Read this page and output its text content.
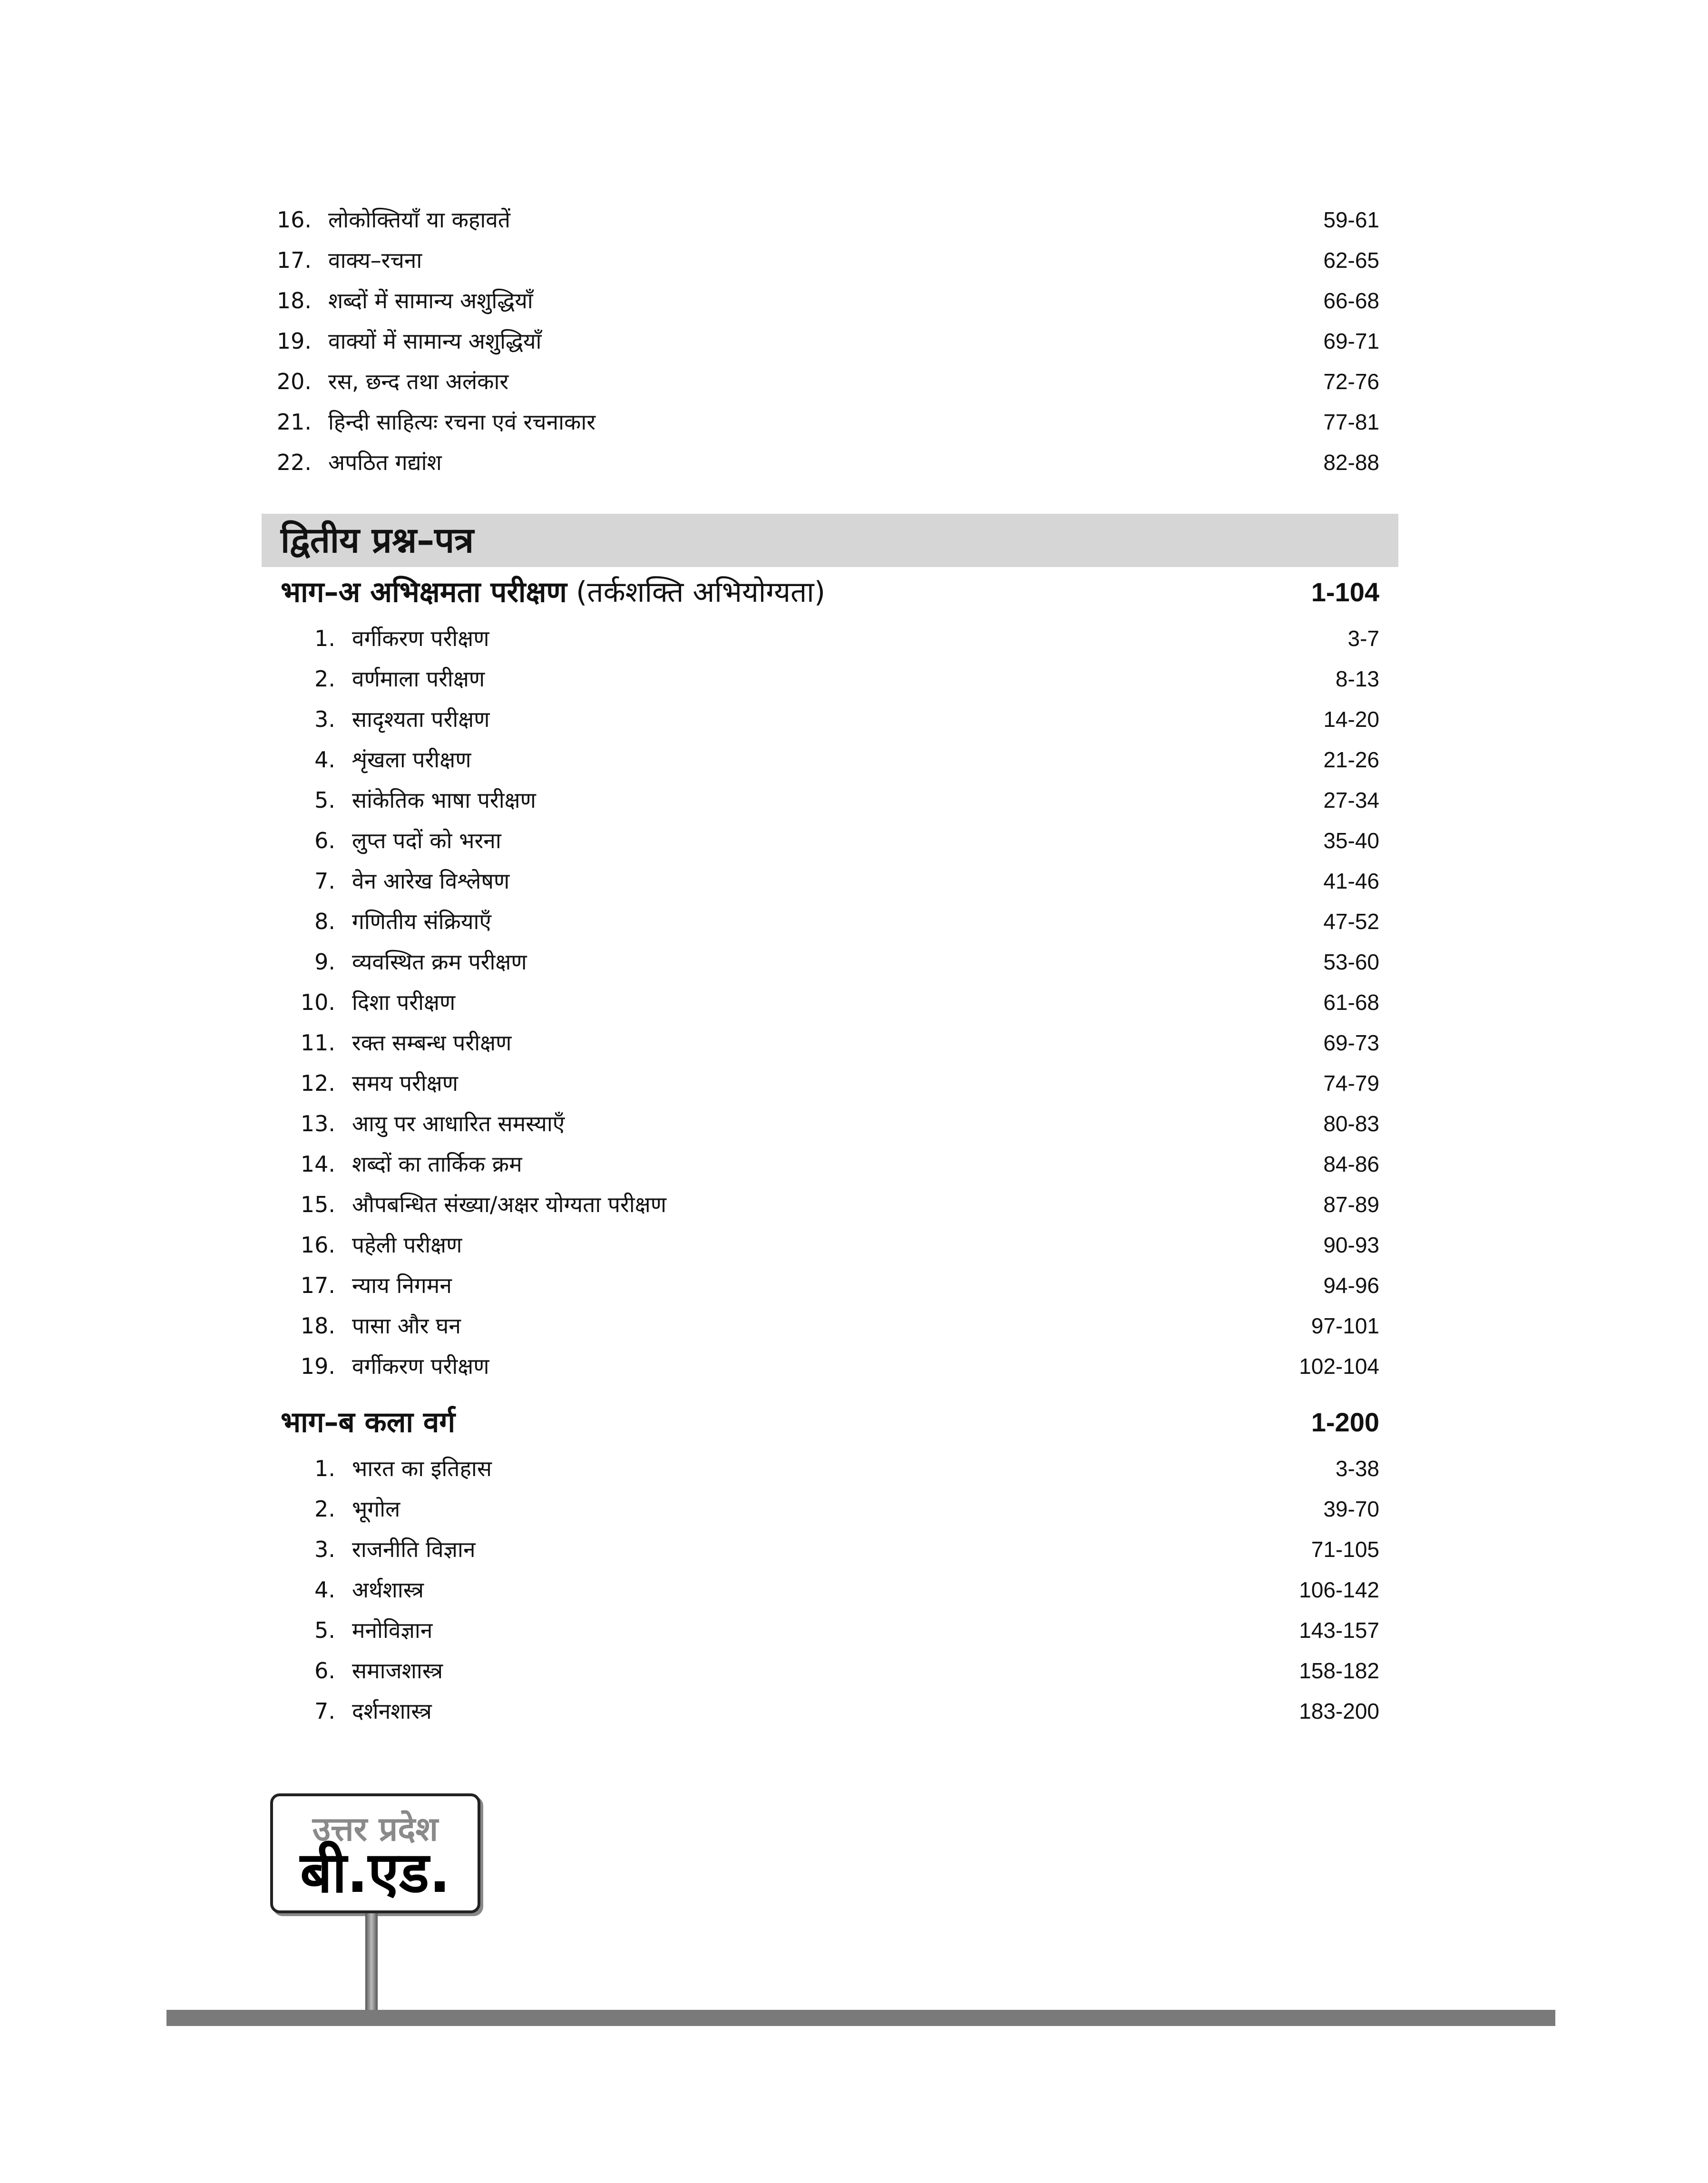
16. लोकोक्तियाँ या कहावतें	59-61
17. वाक्य–रचना	62-65
18. शब्दों में सामान्य अशुद्धियाँ	66-68
19. वाक्यों में सामान्य अशुद्धियाँ	69-71
20. रस, छन्द तथा अलंकार	72-76
21. हिन्दी साहित्यः रचना एवं रचनाकार	77-81
22. अपठित गद्यांश	82-88
द्वितीय प्रश्न–पत्र
भाग–अ अभिक्षमता परीक्षण (तर्कशक्ति अभियोग्यता)	1-104
1. वर्गीकरण परीक्षण	3-7
2. वर्णमाला परीक्षण	8-13
3. सादृश्यता परीक्षण	14-20
4. शृंखला परीक्षण	21-26
5. सांकेतिक भाषा परीक्षण	27-34
6. लुप्त पदों को भरना	35-40
7. वेन आरेख विश्लेषण	41-46
8. गणितीय संक्रियाएँ	47-52
9. व्यवस्थित क्रम परीक्षण	53-60
10. दिशा परीक्षण	61-68
11. रक्त सम्बन्ध परीक्षण	69-73
12. समय परीक्षण	74-79
13. आयु पर आधारित समस्याएँ	80-83
14. शब्दों का तार्किक क्रम	84-86
15. औपबन्धित संख्या/अक्षर योग्यता परीक्षण	87-89
16. पहेली परीक्षण	90-93
17. न्याय निगमन	94-96
18. पासा और घन	97-101
19. वर्गीकरण परीक्षण	102-104
भाग–ब कला वर्ग	1-200
1. भारत का इतिहास	3-38
2. भूगोल	39-70
3. राजनीति विज्ञान	71-105
4. अर्थशास्त्र	106-142
5. मनोविज्ञान	143-157
6. समाजशास्त्र	158-182
7. दर्शनशास्त्र	183-200
उत्तर प्रदेश
बी.एड.
